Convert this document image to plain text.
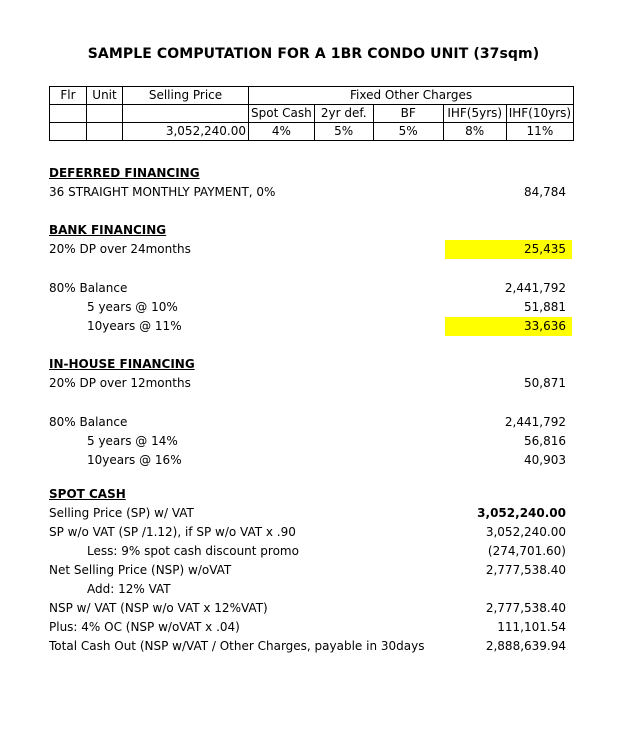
SAMPLE COMPUTATION FOR A 1BR CONDO UNIT (37sqm)
Flr	Unit	Selling Price	Fixed Other Charges				
			Spot Cash	2yr def.	BF	IHF(5yrs)	IHF(10yrs)
		3,052,240.00	4%	5%	5%	8%	11%
DEFERRED FINANCING
36 STRAIGHT MONTHLY PAYMENT, 0%	84,784
BANK FINANCING
20% DP over 24months	25,435
80% Balance	2,441,792
5 years @ 10%	51,881
10years @ 11%	33,636
IN-HOUSE FINANCING
20% DP over 12months	50,871
80% Balance	2,441,792
5 years @ 14%	56,816
10years @ 16%	40,903
SPOT CASH
Selling Price (SP) w/ VAT	3,052,240.00
SP w/o VAT (SP /1.12), if SP w/o VAT x .90	3,052,240.00
Less: 9% spot cash discount promo	(274,701.60)
Net Selling Price (NSP) w/oVAT	2,777,538.40
Add: 12% VAT
NSP w/ VAT (NSP w/o VAT x 12%VAT)	2,777,538.40
Plus: 4% OC (NSP w/oVAT x .04)	111,101.54
Total Cash Out (NSP w/VAT / Other Charges, payable in 30days	2,888,639.94
